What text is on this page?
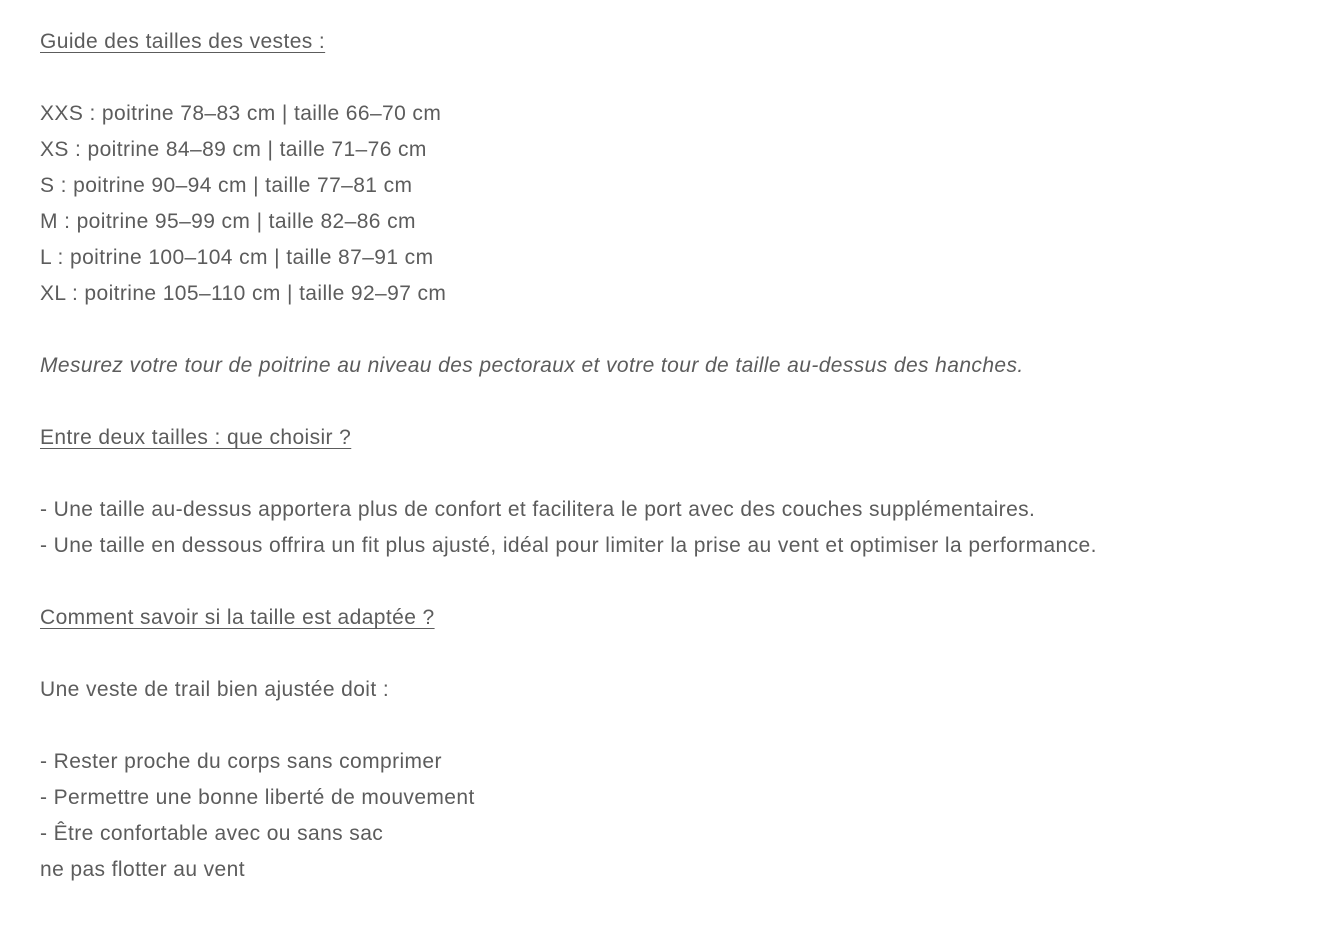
Guide des tailles des vestes :
XXS : poitrine 78–83 cm | taille 66–70 cm
XS : poitrine 84–89 cm | taille 71–76 cm
S : poitrine 90–94 cm | taille 77–81 cm
M : poitrine 95–99 cm | taille 82–86 cm
L : poitrine 100–104 cm | taille 87–91 cm
XL : poitrine 105–110 cm | taille 92–97 cm
Mesurez votre tour de poitrine au niveau des pectoraux et votre tour de taille au-dessus des hanches.
Entre deux tailles : que choisir ?
- Une taille au-dessus apportera plus de confort et facilitera le port avec des couches supplémentaires.
- Une taille en dessous offrira un fit plus ajusté, idéal pour limiter la prise au vent et optimiser la performance.
Comment savoir si la taille est adaptée ?
Une veste de trail bien ajustée doit :
- Rester proche du corps sans comprimer
- Permettre une bonne liberté de mouvement
- Être confortable avec ou sans sac
ne pas flotter au vent
